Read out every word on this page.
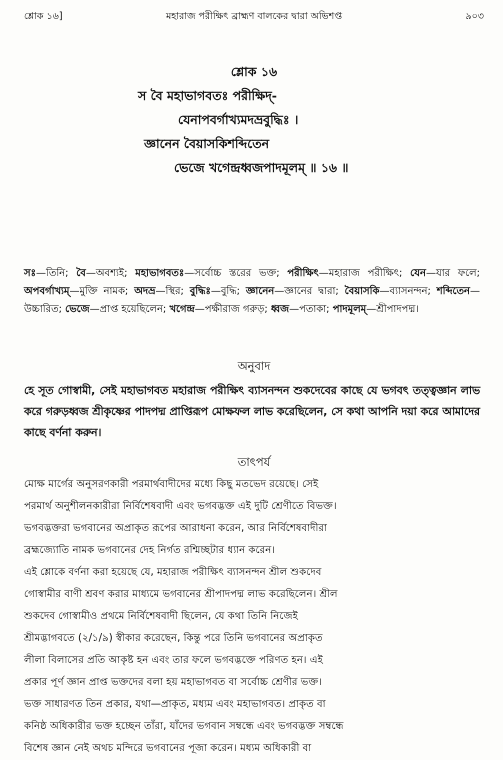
শ্লোক ১৬]	মহারাজ পরীক্ষিৎ ব্রাহ্মণ বালকের দ্বারা অভিশপ্ত	৯০৩
শ্লোক ১৬
স বৈ মহাভাগবতঃ পরীক্ষিদ্-
যেনাপবর্গাখ্যমদভ্রবুদ্ধিঃ ।
জ্ঞানেন বৈয়াসকিশব্দিতেন
ভেজে খগেন্দ্রধ্বজপাদমূলম্ ॥ ১৬ ॥
সঃ—তিনি; বৈ—অবশ্যই; মহাভাগবতঃ—সর্বোচ্চ স্তরের ভক্ত; পরীক্ষিৎ—মহারাজ পরীক্ষিৎ; যেন—যার ফলে; অপবর্গাখ্যম্—মুক্তি নামক; অদভ্র—স্থির; বুদ্ধিঃ—বুদ্ধি; জ্ঞানেন—জ্ঞানের দ্বারা; বৈয়াসকি—ব্যাসনন্দন; শব্দিতেন—উচ্চারিত; ভেজে—প্রাপ্ত হয়েছিলেন; খগেন্দ্র—পক্ষীরাজ গরুড়; ধ্বজ—পতাকা; পাদমূলম্—শ্রীপাদপদ্ম।
অনুবাদ
হে সূত গোস্বামী, সেই মহাভাগবত মহারাজ পরীক্ষিৎ ব্যাসনন্দন শুকদেবের কাছে যে ভগবৎ তত্ত্বজ্ঞান লাভ করে গরুড়ধ্বজ শ্রীকৃষ্ণের পাদপদ্ম প্রাপ্তিরূপ মোক্ষফল লাভ করেছিলেন, সে কথা আপনি দয়া করে আমাদের কাছে বর্ণনা করুন।
তাৎপর্য
মোক্ষ মার্গের অনুসরণকারী পরমার্থবাদীদের মধ্যে কিছু মতভেদ রয়েছে। সেই
পরমার্থ অনুশীলনকারীরা নির্বিশেষবাদী এবং ভগবদ্ভক্ত এই দুটি শ্রেণীতে বিভক্ত।
ভগবদ্ভক্তরা ভগবানের অপ্রাকৃত রূপের আরাধনা করেন, আর নির্বিশেষবাদীরা
ব্রহ্মজ্যোতি নামক ভগবানের দেহ নির্গত রশ্মিচ্ছটার ধ্যান করেন।
এই শ্লোকে বর্ণনা করা হয়েছে যে, মহারাজ পরীক্ষিৎ ব্যাসনন্দন শ্রীল শুকদেব
গোস্বামীর বাণী শ্রবণ করার মাধ্যমে ভগবানের শ্রীপাদপদ্ম লাভ করেছিলেন। শ্রীল
শুকদেব গোস্বামীও প্রথমে নির্বিশেষবাদী ছিলেন, যে কথা তিনি নিজেই
শ্রীমদ্ভাগবতে (২/১/৯) স্বীকার করেছেন, কিন্তু পরে তিনি ভগবানের অপ্রাকৃত
লীলা বিলাসের প্রতি আকৃষ্ট হন এবং তার ফলে ভগবদ্ভক্তে পরিণত হন। এই
প্রকার পূর্ণ জ্ঞান প্রাপ্ত ভক্তদের বলা হয় মহাভাগবত বা সর্বোচ্চ শ্রেণীর ভক্ত।
ভক্ত সাধারণত তিন প্রকার, যথা—প্রাকৃত, মধ্যম এবং মহাভাগবত। প্রাকৃত বা
কনিষ্ঠ অধিকারীর ভক্ত হচ্ছেন তাঁরা, যাঁদের ভগবান সম্বন্ধে এবং ভগবদ্ভক্ত সম্বন্ধে
বিশেষ জ্ঞান নেই অথচ মন্দিরে ভগবানের পূজা করেন। মধ্যম অধিকারী বা
